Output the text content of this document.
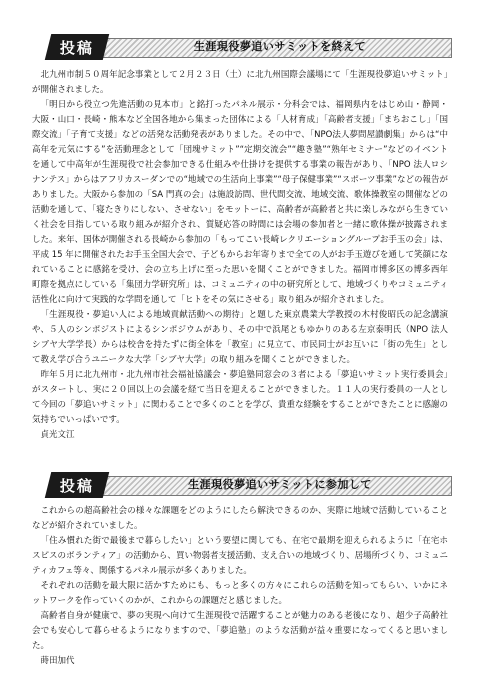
投稿	生涯現役夢追いサミットを終えて

北九州市制５０周年記念事業として２月２３日（土）に北九州国際会議場にて「生涯現役夢追いサミット」が開催されました。

「明日から役立つ先進活動の見本市」と銘打ったパネル展示・分科会では、福岡県内をはじめ山・静岡・大阪・山口・長崎・熊本など全国各地から集まった団体による「人材育成」「高齢者支援」「まちおこし」「国際交流」「子育て支援」などの活発な活動発表がありました。その中で、「NPO法人夢問屋讃劇集」からは“中高年を元気にする”を活動理念として「団塊サミット”“定期交流会”“趣き塾”“熟年セミナー”などのイベントを通して中高年が生涯現役で社会参加できる仕組みや仕掛けを提供する事業の報告があり、「NPO 法人ロシナンテス」からはアフリカスーダンでの“地域での生活向上事業”“母子保健事業”“スポーツ事業”などの報告がありました。大阪から参加の「SA 門真の会」は施設訪問、世代間交流、地域交流、歌体操教室の開催などの活動を通して、「寝たきりにしない、させない」をモットーに、高齢者が高齢者と共に楽しみながら生きていく社会を目指している取り組みが紹介され、質疑応答の時間には会場の参加者と一緒に歌体操が披露されました。来年、国体が開催される長崎から参加の「もってこい長崎レクリエーショングループお手玉の会」は、平成 15 年に開催されたお手玉全国大会で、子どもからお年寄りまで全ての人がお手玉遊びを通して笑顔になれていることに感銘を受け、会の立ち上げに至った思いを聞くことができました。福岡市博多区の博多西年町際を拠点にしている「集団力学研究所」は、コミュニティの中の研究所として、地域づくりやコミュニティ活性化に向けて実践的な学問を通して「ヒトをその気にさせる」取り組みが紹介されました。

「生涯現役・夢追い人による地域貢献活動への期待」と題した東京農業大学教授の木村俊昭氏の記念講演や、５人のシンポジストによるシンポジウムがあり、その中で浜尾ともゆかりのある左京泰明氏（NPO 法人シブヤ大学学長）からは校舎を持たずに街全体を「教室」に見立て、市民同士がお互いに「街の先生」として教え学び合うユニークな大学「シブヤ大学」の取り組みを聞くことができました。

昨年５月に北九州市・北九州市社会福祉協議会・夢追塾同窓会の３者による「夢追いサミット実行委員会」がスタートし、実に２０回以上の会議を経て当日を迎えることができました。１１人の実行委員の一人として今回の「夢追いサミット」に関わることで多くのことを学び、貴重な経験をすることができたことに感謝の気持ちでいっぱいです。

貞光文江

投稿	生涯現役夢追いサミットに参加して

これからの超高齢社会の様々な課題をどのようにしたら解決できるのか、実際に地域で活動していることなどが紹介されていました。

「住み慣れた街で最後まで暮らしたい」という要望に関しても、在宅で最期を迎えられるように「在宅ホスピスのボランティア」の活動から、買い物弱者支援活動、支え合いの地域づくり、居場所づくり、コミュニティカフェ等々、関係するパネル展示が多くありました。

それぞれの活動を最大限に活かすためにも、もっと多くの方々にこれらの活動を知ってもらい、いかにネットワークを作っていくのかが、これからの課題だと感じました。

高齢者自身が健康で、夢の実現へ向けて生涯現役で活躍することが魅力のある老後になり、超少子高齢社会でも安心して暮らせるようになりますので、「夢追塾」のような活動が益々重要になってくると思いました。

蒔田加代
